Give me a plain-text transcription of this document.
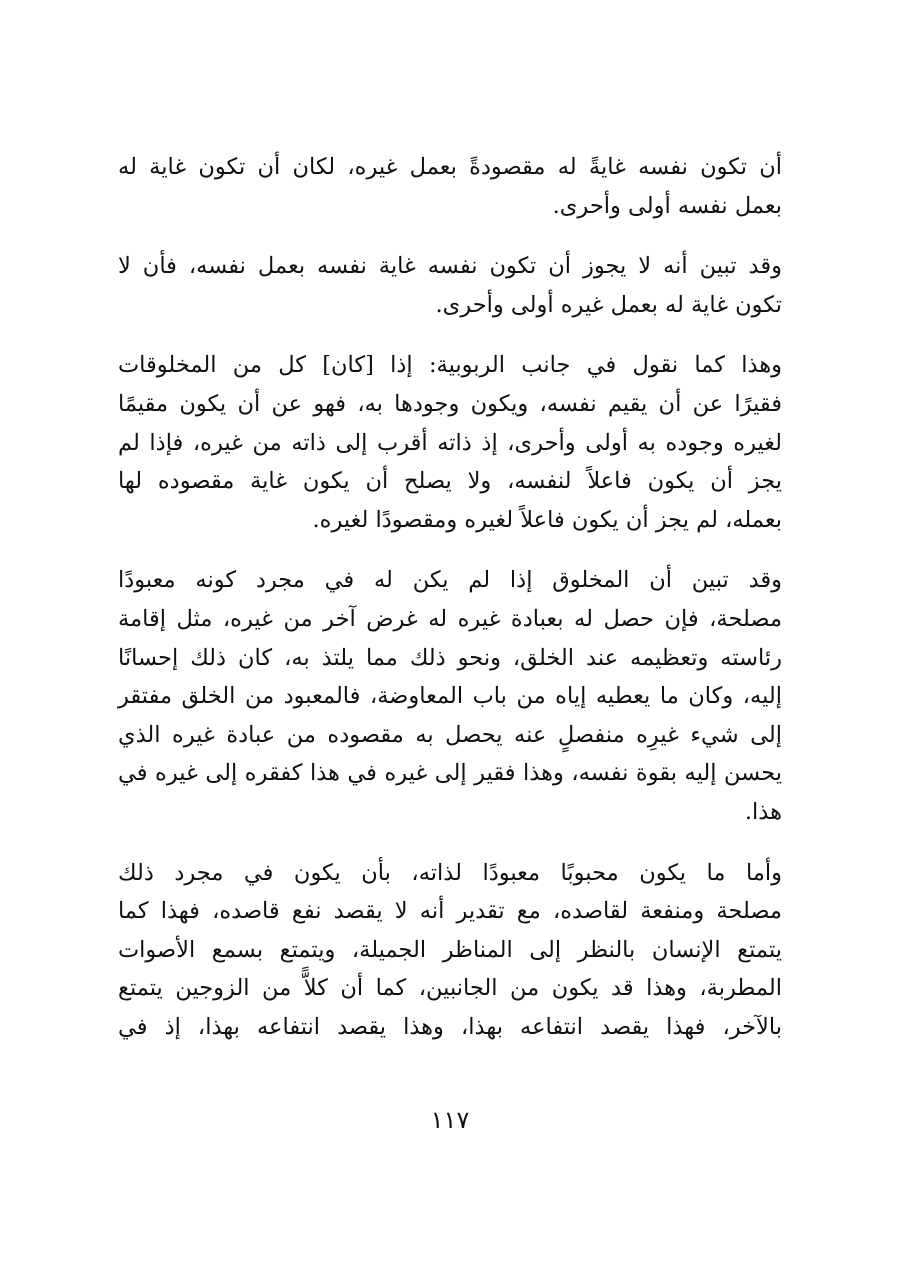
أن تكون نفسه غايةً له مقصودةً بعمل غيره، لكان أن تكون غاية له
بعمل نفسه أولى وأحرى.
وقد تبين أنه لا يجوز أن تكون نفسه غاية نفسه بعمل نفسه، فأن لا
تكون غاية له بعمل غيره أولى وأحرى.
وهذا كما نقول في جانب الربوبية: إذا [كان] كل من المخلوقات
فقيرًا عن أن يقيم نفسه، ويكون وجودها به، فهو عن أن يكون مقيمًا
لغيره وجوده به أولى وأحرى، إذ ذاته أقرب إلى ذاته من غيره، فإذا لم
يجز أن يكون فاعلاً لنفسه، ولا يصلح أن يكون غاية مقصوده لها
بعمله، لم يجز أن يكون فاعلاً لغيره ومقصودًا لغيره.
وقد تبين أن المخلوق إذا لم يكن له في مجرد كونه معبودًا
مصلحة، فإن حصل له بعبادة غيره له غرض آخر من غيره، مثل إقامة
رئاسته وتعظيمه عند الخلق، ونحو ذلك مما يلتذ به، كان ذلك إحسانًا
إليه، وكان ما يعطيه إياه من باب المعاوضة، فالمعبود من الخلق مفتقر
إلى شيء غيرِه منفصلٍ عنه يحصل به مقصوده من عبادة غيره الذي
يحسن إليه بقوة نفسه، وهذا فقير إلى غيره في هذا كفقره إلى غيره في
هذا.
وأما ما يكون محبوبًا معبودًا لذاته، بأن يكون في مجرد ذلك
مصلحة ومنفعة لقاصده، مع تقدير أنه لا يقصد نفع قاصده، فهذا كما
يتمتع الإنسان بالنظر إلى المناظر الجميلة، ويتمتع بسمع الأصوات
المطربة، وهذا قد يكون من الجانبين، كما أن كلاًّ من الزوجين يتمتع
بالآخر، فهذا يقصد انتفاعه بهذا، وهذا يقصد انتفاعه بهذا، إذ في
١١٧
